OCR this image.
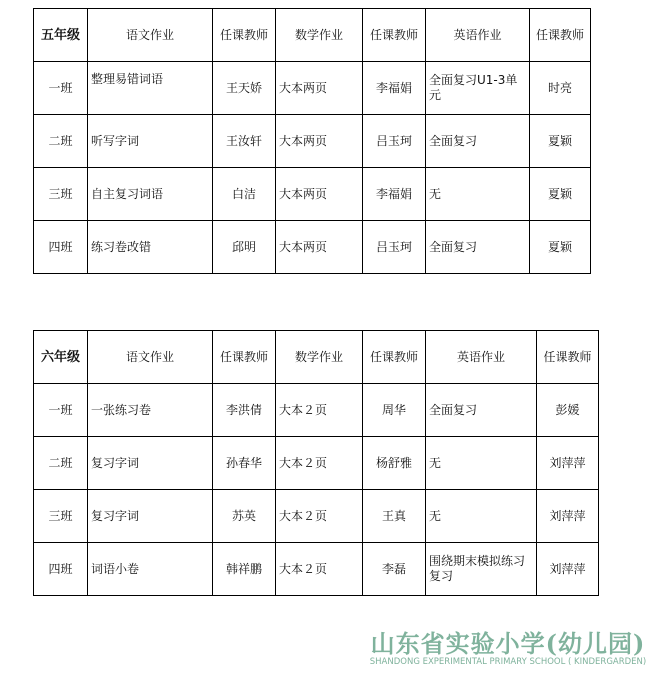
五年级	语文作业	任课教师	数学作业	任课教师	英语作业	任课教师
一班	整理易错词语	王天娇	大本两页	李福娟	全面复习U1-3单元	时亮
二班	听写字词	王汝轩	大本两页	吕玉珂	全面复习	夏颖
三班	自主复习词语	白洁	大本两页	李福娟	无	夏颖
四班	练习卷改错	邱明	大本两页	吕玉珂	全面复习	夏颖
六年级	语文作业	任课教师	数学作业	任课教师	英语作业	任课教师
一班	一张练习卷	李洪倩	大本２页	周华	全面复习	彭媛
二班	复习字词	孙春华	大本２页	杨舒雅	无	刘萍萍
三班	复习字词	苏英	大本２页	王真	无	刘萍萍
四班	词语小卷	韩祥鹏	大本２页	李磊	围绕期末模拟练习复习	刘萍萍
山东省实验小学(幼儿园)
SHANDONG EXPERIMENTAL PRIMARY SCHOOL ( KINDERGARDEN)
